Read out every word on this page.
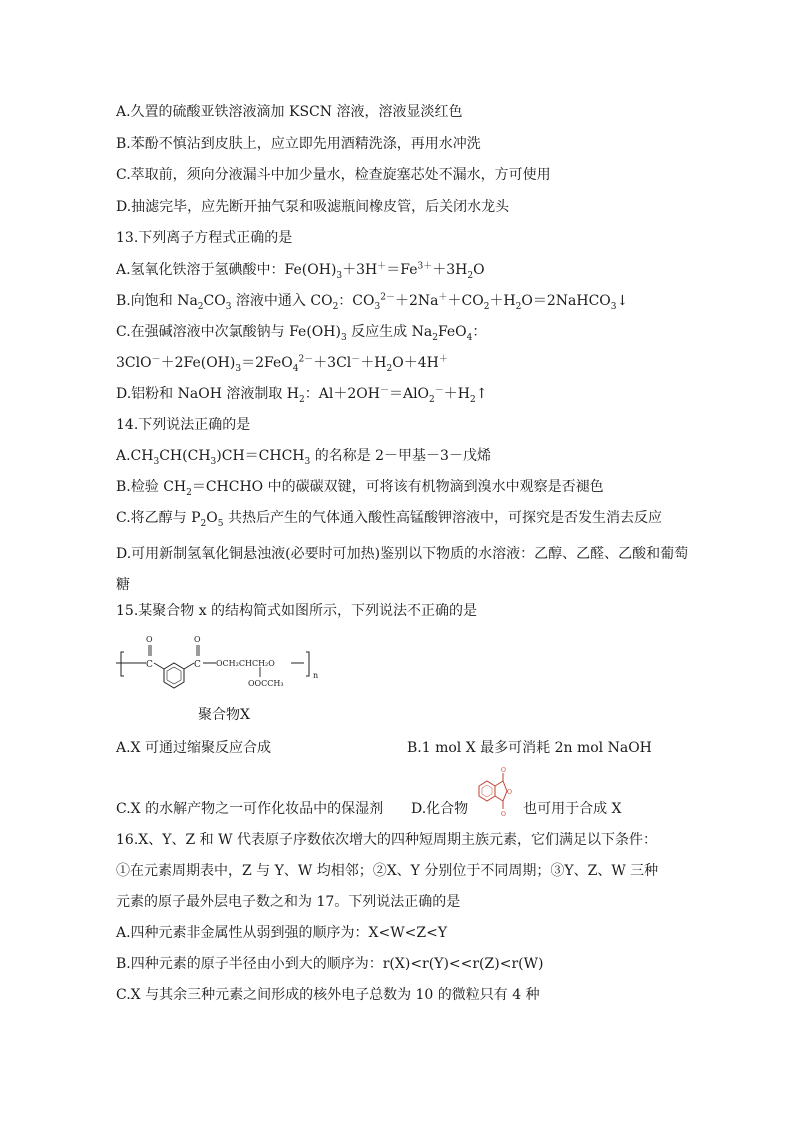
A.久置的硫酸亚铁溶液滴加 KSCN 溶液，溶液显淡红色
B.苯酚不慎沾到皮肤上，应立即先用酒精洗涤，再用水冲洗
C.萃取前，须向分液漏斗中加少量水，检查旋塞芯处不漏水，方可使用
D.抽滤完毕，应先断开抽气泵和吸滤瓶间橡皮管，后关闭水龙头
13.下列离子方程式正确的是
A.氢氧化铁溶于氢碘酸中：$Fe(OH)_3+3H^+=Fe^{3+}+3H_2O$
B.向饱和 $Na_2CO_3$ 溶液中通入 $CO_2$：$CO_3^{2-}+2Na^++CO_2+H_2O=2NaHCO_3↓$
C.在强碱溶液中次氯酸钠与 $Fe(OH)_3$ 反应生成 $Na_2FeO_4$：
$3ClO^-+2Fe(OH)_3=2FeO_4^{2-}+3Cl^-+H_2O+4H^+$
D.铝粉和 NaOH 溶液制取 $H_2$：$Al+2OH^-=AlO_2^-+H_2↑$
14.下列说法正确的是
$A.CH_3CH(CH_3)CH=CHCH_3$ 的名称是 2－甲基－3－戊烯
B.检验 $CH_2=CHCHO$ 中的碳碳双键，可将该有机物滴到溴水中观察是否褪色
C.将乙醇与 $P_2O_5$ 共热后产生的气体通入酸性高锰酸钾溶液中，可探究是否发生消去反应
D.可用新制氢氧化铜悬浊液(必要时可加热)鉴别以下物质的水溶液：乙醇、乙醛、乙酸和葡萄糖
15.某聚合物 x 的结构简式如图所示，下列说法不正确的是
C
O
C
O
OCH₂CHCH₂O
OOCCH₃
n
聚合物X
A.X 可通过缩聚反应合成	B.1 mol X 最多可消耗 2n mol NaOH
C.X 的水解产物之一可作化妆品中的保湿剂 D.化合物
O
O
O 也可用于合成 X
16.X、Y、Z 和 W 代表原子序数依次增大的四种短周期主族元素，它们满足以下条件：
①在元素周期表中，Z 与 Y、W 均相邻；②X、Y 分别位于不同周期；③Y、Z、W 三种
元素的原子最外层电子数之和为 17。下列说法正确的是
A.四种元素非金属性从弱到强的顺序为：X<W<Z<Y
B.四种元素的原子半径由小到大的顺序为：r(X)<r(Y)<<r(Z)<r(W)
C.X 与其余三种元素之间形成的核外电子总数为 10 的微粒只有 4 种
